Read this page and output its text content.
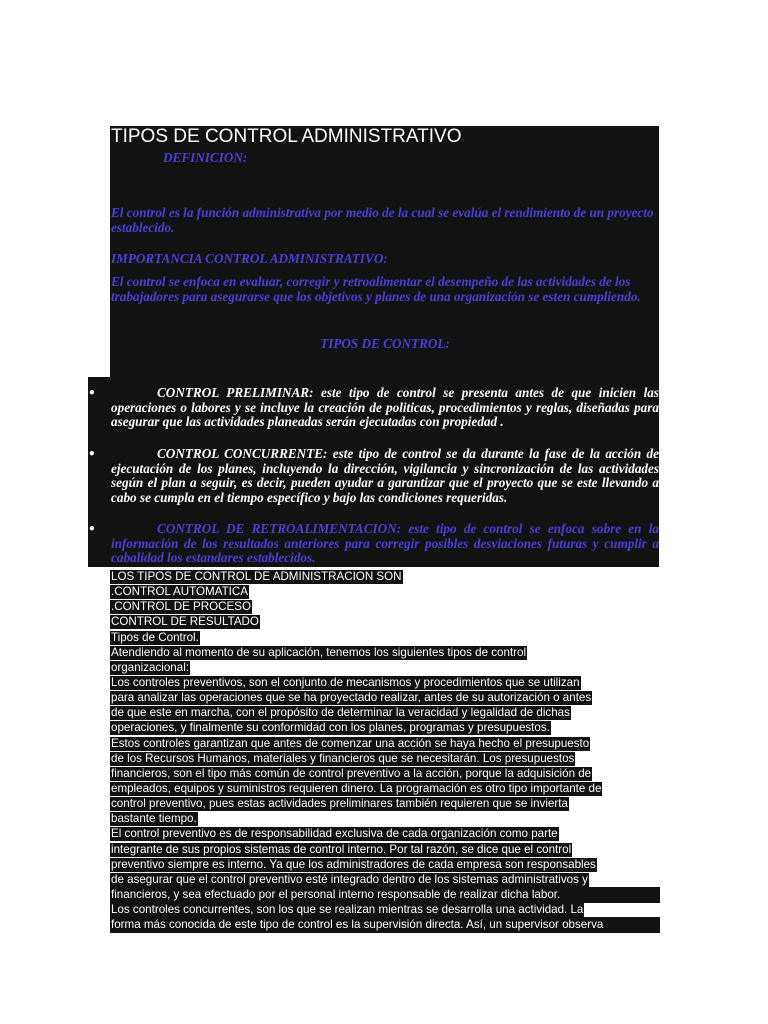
TIPOS DE CONTROL ADMINISTRATIVO
DEFINICION:
El control es la función administrativa por medio de la cual se evalúa el rendimiento de un proyecto establecido.
IMPORTANCIA CONTROL ADMINISTRATIVO:
El control se enfoca en evaluar, corregir y retroalimentar el desempeño de las actividades de los trabajadores para asegurarse que los objetivos y planes de una organización se esten cumpliendo.
TIPOS DE CONTROL:
•	CONTROL PRELIMINAR: este tipo de control se presenta antes de que inicien las operaciones o labores y se incluye la creación de politicas, procedimientos y reglas, diseñadas para asegurar que las actividades planeadas serán ejecutadas con propiedad .
•	CONTROL CONCURRENTE: este tipo de control se da durante la fase de la acción de ejecutación de los planes, incluyendo la dirección, vigilancia y sincronización de las actividades según el plan a seguir, es decir, pueden ayudar a garantizar que el proyecto que se este llevando a cabo se cumpla en el tiempo específico y bajo las condiciones requeridas.
•	CONTROL DE RETROALIMENTACION: este tipo de control se enfoca sobre en la información de los resultados anteriores para corregir posibles desviaciones futuras y cumplir a cabalidad los estandares establecidos.
LOS TIPOS DE CONTROL DE ADMINISTRACION SON
.CONTROL AUTOMATICA
.CONTROL DE PROCESO
CONTROL DE RESULTADO
Tipos de Control.
Atendiendo al momento de su aplicación, tenemos los siguientes tipos de control
organizacional:
Los controles preventivos, son el conjunto de mecanismos y procedimientos que se utilizan
para analizar las operaciones que se ha proyectado realizar, antes de su autorización o antes
de que este en marcha, con el propósito de determinar la veracidad y legalidad de dichas
operaciones, y finalmente su conformidad con los planes, programas y presupuestos.
Estos controles garantizan que antes de comenzar una acción se haya hecho el presupuesto
de los Recursos Humanos, materiales y financieros que se necesitarán. Los presupuestos
financieros, son el tipo más común de control preventivo a la acción, porque la adquisición de
empleados, equipos y suministros requieren dinero. La programación es otro tipo importante de
control preventivo, pues estas actividades preliminares también requieren que se invierta
bastante tiempo.
El control preventivo es de responsabilidad exclusiva de cada organización como parte
integrante de sus propios sistemas de control interno. Por tal razón, se dice que el control
preventivo siempre es interno. Ya que los administradores de cada empresa son responsables
de asegurar que el control preventivo esté integrado dentro de los sistemas administrativos y
financieros, y sea efectuado por el personal interno responsable de realizar dicha labor.
Los controles concurrentes, son los que se realizan mientras se desarrolla una actividad. La
forma más conocida de este tipo de control es la supervisión directa. Así, un supervisor observa
